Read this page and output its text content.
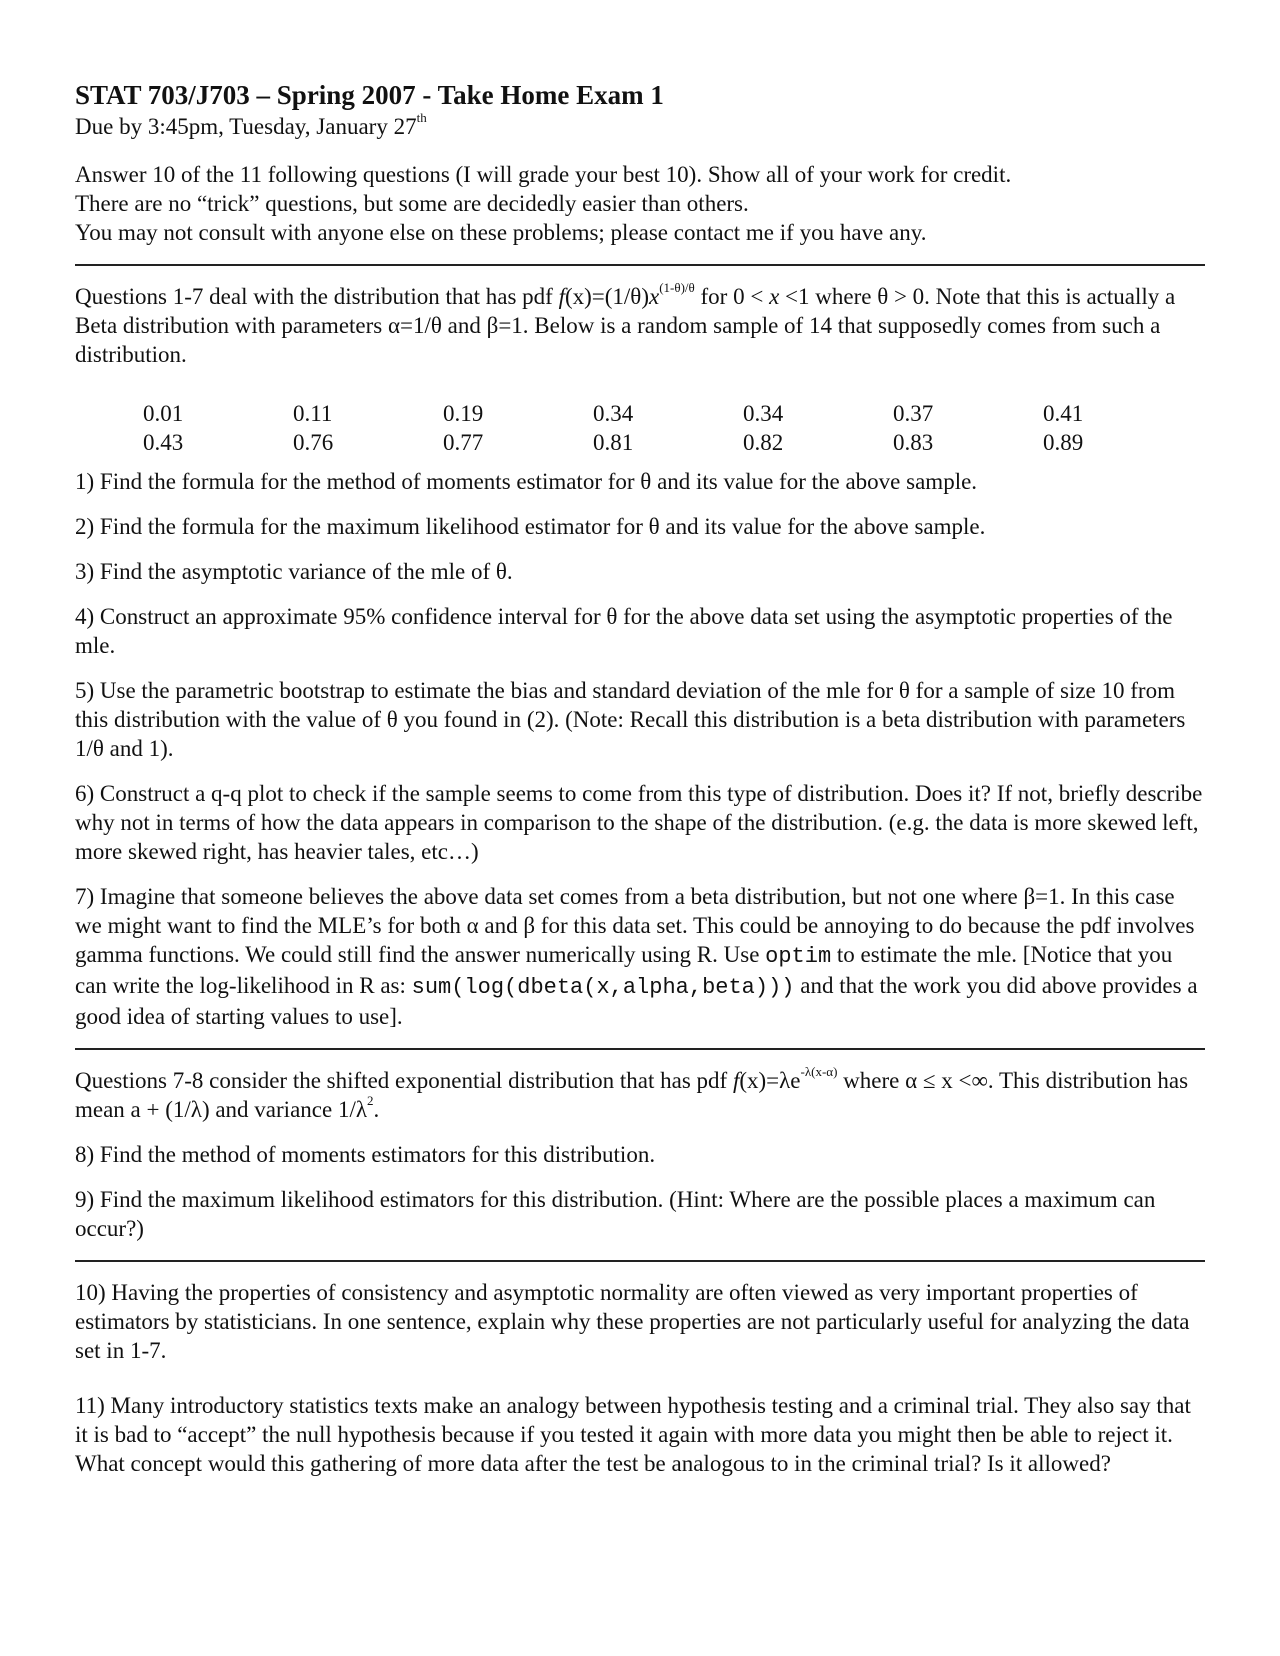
STAT 703/J703 – Spring 2007 - Take Home Exam 1

Due by 3:45pm, Tuesday, January 27th

Answer 10 of the 11 following questions (I will grade your best 10). Show all of your work for credit.

There are no “trick” questions, but some are decidedly easier than others.

You may not consult with anyone else on these problems; please contact me if you have any.

Questions 1-7 deal with the distribution that has pdf $f(x)=(1/\theta)x^{(1-\theta)/\theta}$ for 0 < x <1 where θ > 0. Note that this is actually a Beta distribution with parameters α=1/θ and β=1. Below is a random sample of 14 that supposedly comes from such a distribution.

0.01	0.11	0.19	0.34	0.34	0.37	0.41
0.43	0.76	0.77	0.81	0.82	0.83	0.89

1) Find the formula for the method of moments estimator for θ and its value for the above sample.

2) Find the formula for the maximum likelihood estimator for θ and its value for the above sample.

3) Find the asymptotic variance of the mle of θ.

4) Construct an approximate 95% confidence interval for θ for the above data set using the asymptotic properties of the mle.

5) Use the parametric bootstrap to estimate the bias and standard deviation of the mle for θ for a sample of size 10 from this distribution with the value of θ you found in (2). (Note: Recall this distribution is a beta distribution with parameters 1/θ and 1).

6) Construct a q-q plot to check if the sample seems to come from this type of distribution. Does it? If not, briefly describe why not in terms of how the data appears in comparison to the shape of the distribution. (e.g. the data is more skewed left, more skewed right, has heavier tales, etc…)

7) Imagine that someone believes the above data set comes from a beta distribution, but not one where β=1. In this case we might want to find the MLE’s for both α and β for this data set. This could be annoying to do because the pdf involves gamma functions. We could still find the answer numerically using R. Use optim to estimate the mle. [Notice that you can write the log-likelihood in R as: sum(log(dbeta(x,alpha,beta))) and that the work you did above provides a good idea of starting values to use].

Questions 7-8 consider the shifted exponential distribution that has pdf $f(x)=\lambda e^{-\lambda(x-\alpha)}$ where α ≤ x <∞. This distribution has mean a + (1/λ) and variance $1/\lambda^2$.

8) Find the method of moments estimators for this distribution.

9) Find the maximum likelihood estimators for this distribution. (Hint: Where are the possible places a maximum can occur?)

10) Having the properties of consistency and asymptotic normality are often viewed as very important properties of estimators by statisticians. In one sentence, explain why these properties are not particularly useful for analyzing the data set in 1-7.

11) Many introductory statistics texts make an analogy between hypothesis testing and a criminal trial. They also say that it is bad to “accept” the null hypothesis because if you tested it again with more data you might then be able to reject it. What concept would this gathering of more data after the test be analogous to in the criminal trial? Is it allowed?
